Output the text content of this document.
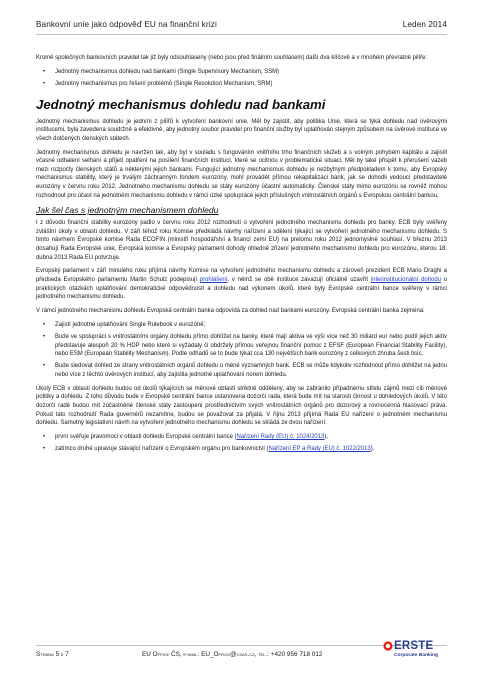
Bankovní unie jako odpověď EU na finanční krizi	Leden 2014

Kromě společných bankovních pravidel tak již byly odsouhlaseny (nebo jsou před finálním souhlasem) další dva klíčové a v mnohém převratné pilíře:

• Jednotný mechanismus dohledu nad bankami (Single Supervisory Mechanism, SSM)
• Jednotný mechanismus pro řešení problémů (Single Resolution Mechanism, SRM)
Jednotný mechanismus dohledu nad bankami

Jednotný mechanismus dohledu je jedním z pilířů k vytvoření bankovní unie. Měl by zajistit, aby politika Unie, která se týká dohledu nad úvěrovými institucemi, byla zavedena soudržně a efektivně, aby jednotný soubor pravidel pro finanční služby byl uplatňován stejným způsobem na úvěrové instituce ve všech dotčených členských státech.

Jednotný mechanismus dohledu je navržen tak, aby byl v souladu s fungováním vnitřního trhu finančních služeb a s volným pohybem kapitálu a zajistil včasné odhalení selhání a přijetí opatření na posílení finančních institucí, které se ocitnou v problematické situaci. Měl by také přispět k přerušení vazeb mezi rozpočty členských států a některými jejich bankami. Fungující jednotný mechanismus dohledu je nezbytným předpokladem k tomu, aby Evropský mechanismus stability, který je trvalým záchranným fondem eurozóny, mohl provádět přímou rekapitalizaci bank, jak se dohodli vedoucí představitelé eurozóny v červnu roku 2012. Jednotného mechanismu dohledu se státy eurozóny účastní automaticky. Členské státy mimo eurozónu se rovněž mohou rozhodnout pro účast na jednotném mechanismu dohledu v rámci úzké spolupráce jejich příslušných vnitrostátních orgánů s Evropskou centrální bankou.

Jak šel čas s jednotným mechanismem dohledu

I z důvodu finanční stability eurozóny padlo v červnu roku 2012 rozhodnutí o vytvoření jednotného mechanismu dohledu pro banky. ECB byly svěřeny zvláštní úkoly v oblasti dohledu. V září téhož roku Komise předkládá návrhy nařízení a sdělení týkající se vytvoření jednotného mechanismu dohledu. S tímto návrhem Evropské komise Rada ECOFIN (ministři hospodářství a financí zemí EU) na prelomu roku 2012 jednomyslně souhlasí. V březnu 2013 dosahují Rada Evropské unie, Evropská komise a Evropský parlament dohody ohledně zřízení jednotného mechanismu dohledu pro eurozónu, kterou 18. dubna 2013 Rada EU potvrzuje.

Evropský parlament v září minulého roku přijímá návrhy Komise na vytvoření jednotného mechanismu dohledu a zároveň prezident ECB Mario Draghi a předseda Evropského parlamentu Martin Schulz podepisují prohlášení, v němž se obě instituce zavazují oficiálně uzavřít interinstitucionální dohodu o praktických otázkách uplatňování demokratické odpovědnosti a dohledu nad výkonem úkolů, které byly Evropské centrální bance svěřeny v rámci jednotného mechanismu dohledu.

V rámci jednotného mechanismu dohledu Evropská centrální banka odpovídá za dohled nad bankami eurozóny. Evropská centrální banka zejména:

• Zajistí jednotné uplatňování Single Rulebook v eurozóně;
• Bude ve spolupráci s vnitrostátními orgány dohledu přímo dohlížet na banky, které mají aktiva ve výši více než 30 miliard eur nebo podíl jejich aktiv představuje alespoň 20 % HDP nebo které si vyžádaly či obdržely přímou veřejnou finanční pomoc z EFSF (European Financial Stability Facility), nebo ESM (European Stability Mechanism). Podle odhadů se to bude týkat cca 130 největších bank eurozóny z celkových zhruba šesti tisíc.
• Bude sledovat dohled ze strany vnitrostátních orgánů dohledu u méně významných bank. ECB se může kdykoliv rozhodnout přímo dohlížet na jednu nebo více z těchto úvěrových institucí, aby zajistila jednotné uplatňování norem dohledu.

Úkoly ECB v oblasti dohledu budou od úkolů týkajících se měnové oblasti striktně odděleny, aby se zabránilo případnému střetu zájmů mezi cíli měnové politiky a dohledu. Z toho důvodu bude v Evropské centrální bance ustanovena dozorčí rada, která bude mít na starosti činnost u dohledových úkolů. V této dozorčí radě budou mít zúčastněné členské státy zastoupení prostřednictvím svých vnitrostátních orgánů pro dozorový a rovnocenná hlasovací práva. Pokud tato rozhodnutí Rada guvernérů nezamítne, budou se považovat za přijatá. V říjnu 2013 přijímá Rada EU nařízení o jednotném mechanismu dohledu. Samotný legislativní návrh na vytvoření jednotného mechanismu dohledu se skládá ze dvou nařízení:

• první svěřuje pravomoci v oblasti dohledu Evropské centrální bance (Nařízení Rady (EU) č. 1024/2013),
• zatímco druhé upravuje stávající nařízení o Evropském orgánu pro bankovnictví (Nařízení EP a Rady (EU) č. 1022/2013).
Strana 5 z 7	EU Office ČS, e-mail: EU_Office@csas.cz, tel.: +420 956 718 012
ERSTE
Corporate Banking
